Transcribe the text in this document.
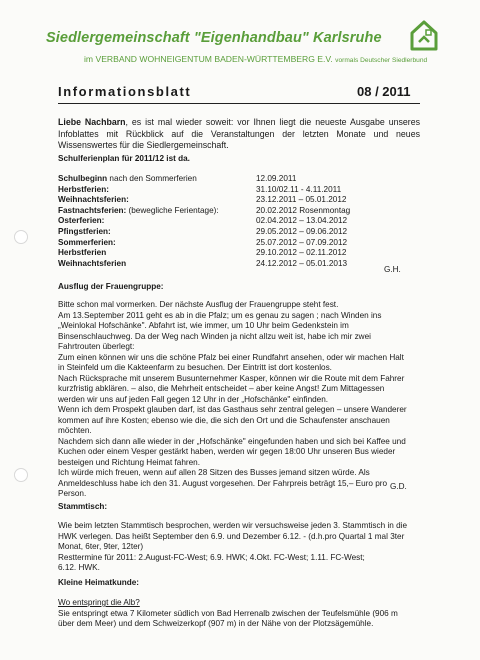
Siedlergemeinschaft "Eigenhandbau" Karlsruhe
im VERBAND WOHNEIGENTUM BADEN-WÜRTTEMBERG E.V. vormals Deutscher Siedlerbund
Informationsblatt	08 / 2011
Liebe Nachbarn, es ist mal wieder soweit: vor Ihnen liegt die neueste Ausgabe unseres Infoblattes mit Rückblick auf die Veranstaltungen der letzten Monate und neues Wissenswertes für die Siedlergemeinschaft.
Schulferienplan für 2011/12 ist da.
Schulbeginn nach den Sommerferien	12.09.2011
Herbstferien:	31.10/02.11 - 4.11.2011
Weihnachtsferien:	23.12.2011 – 05.01.2012
Fastnachtsferien: (bewegliche Ferientage):	20.02.2012 Rosenmontag
Osterferien:	02.04.2012 – 13.04.2012
Pfingstferien:	29.05.2012 – 09.06.2012
Sommerferien:	25.07.2012 – 07.09.2012
Herbstferien	29.10.2012 – 02.11.2012
Weihnachtsferien	24.12.2012 – 05.01.2013
G.H.
Ausflug der Frauengruppe:
Bitte schon mal vormerken. Der nächste Ausflug der Frauengruppe steht fest.
Am 13.September 2011 geht es ab in die Pfalz; um es genau zu sagen ; nach Winden ins
„Weinlokal Hofschänke". Abfahrt ist, wie immer, um 10 Uhr beim Gedenkstein im
Binsenschlauchweg. Da der Weg nach Winden ja nicht allzu weit ist, habe ich mir zwei
Fahrtrouten überlegt:
Zum einen können wir uns die schöne Pfalz bei einer Rundfahrt ansehen, oder wir machen Halt
in Steinfeld um die Kakteenfarm zu besuchen. Der Eintritt ist dort kostenlos.
Nach Rücksprache mit unserem Busunternehmer Kasper, können wir die Route mit dem Fahrer
kurzfristig abklären. – also, die Mehrheit entscheidet – aber keine Angst! Zum Mittagessen
werden wir uns auf jeden Fall gegen 12 Uhr in der „Hofschänke" einfinden.
Wenn ich dem Prospekt glauben darf, ist das Gasthaus sehr zentral gelegen – unsere Wanderer
kommen auf ihre Kosten; ebenso wie die, die sich den Ort und die Schaufenster anschauen
möchten.
Nachdem sich dann alle wieder in der „Hofschänke" eingefunden haben und sich bei Kaffee und
Kuchen oder einem Vesper gestärkt haben, werden wir gegen 18:00 Uhr unseren Bus wieder
besteigen und Richtung Heimat fahren.
Ich würde mich freuen, wenn auf allen 28 Sitzen des Busses jemand sitzen würde. Als
Anmeldeschluss habe ich den 31. August vorgesehen. Der Fahrpreis beträgt 15,– Euro pro
Person.
G.D.
Stammtisch:
Wie beim letzten Stammtisch besprochen, werden wir versuchsweise jeden 3. Stammtisch in die
HWK verlegen. Das heißt September den 6.9. und Dezember 6.12. - (d.h.pro Quartal 1 mal 3ter
Monat, 6ter, 9ter, 12ter)
Resttermine für 2011: 2.August-FC-West; 6.9. HWK; 4.Okt. FC-West; 1.11. FC-West;
6.12. HWK.
Kleine Heimatkunde:
Wo entspringt die Alb?
Sie entspringt etwa 7 Kilometer südlich von Bad Herrenalb zwischen der Teufelsmühle (906 m
über dem Meer) und dem Schweizerkopf (907 m) in der Nähe von der Plotzsägemühle.
